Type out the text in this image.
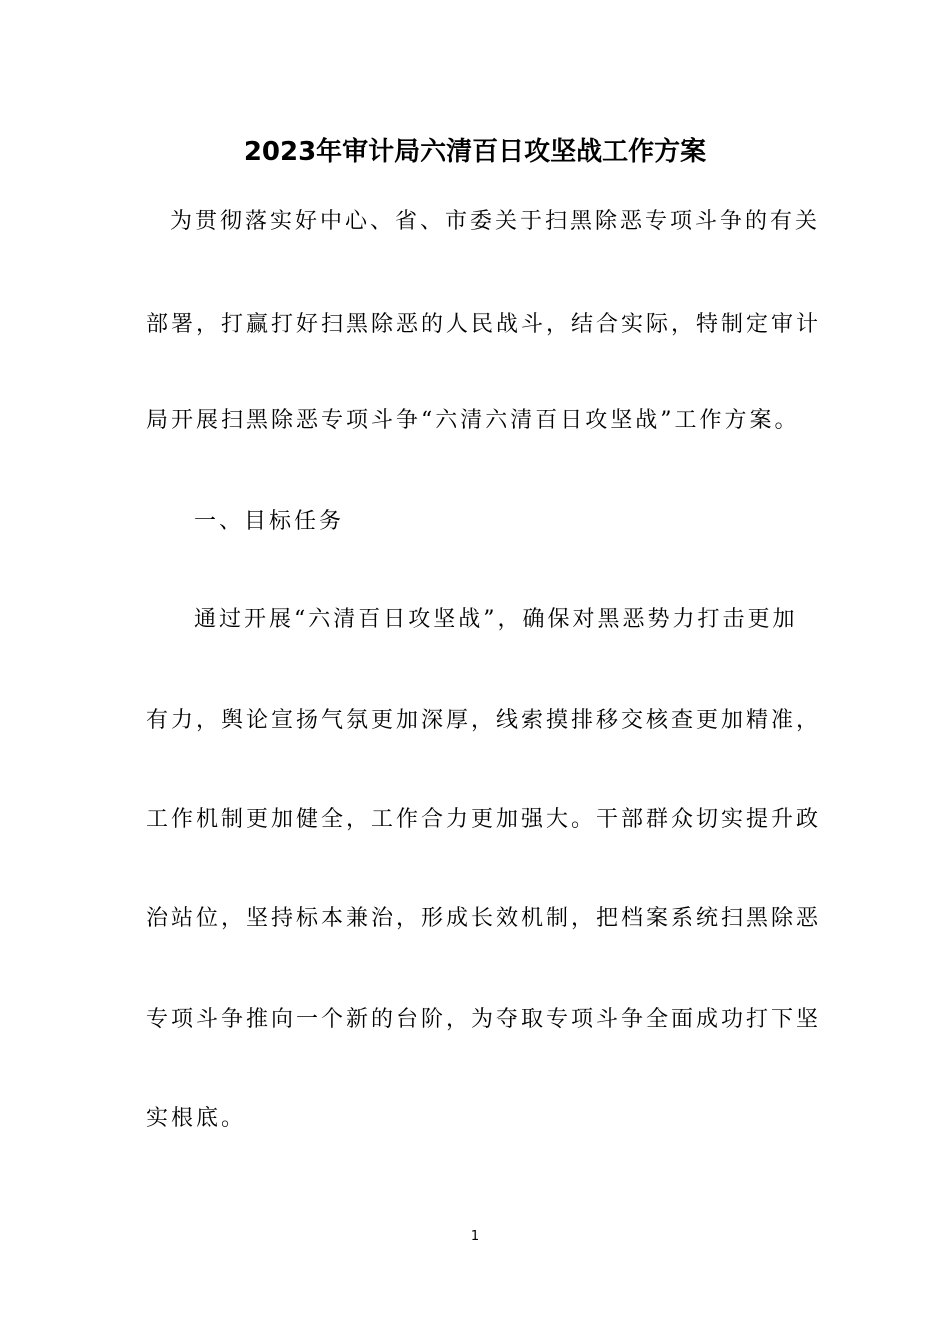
2023年审计局六清百日攻坚战工作方案
为贯彻落实好中心、省、市委关于扫黑除恶专项斗争的有关
部署，打赢打好扫黑除恶的人民战斗，结合实际，特制定审计
局开展扫黑除恶专项斗争“六清六清百日攻坚战”工作方案。
一、目标任务
通过开展“六清百日攻坚战”，确保对黑恶势力打击更加
有力，舆论宣扬气氛更加深厚，线索摸排移交核查更加精准，
工作机制更加健全，工作合力更加强大。干部群众切实提升政
治站位，坚持标本兼治，形成长效机制，把档案系统扫黑除恶
专项斗争推向一个新的台阶，为夺取专项斗争全面成功打下坚
实根底。
1
